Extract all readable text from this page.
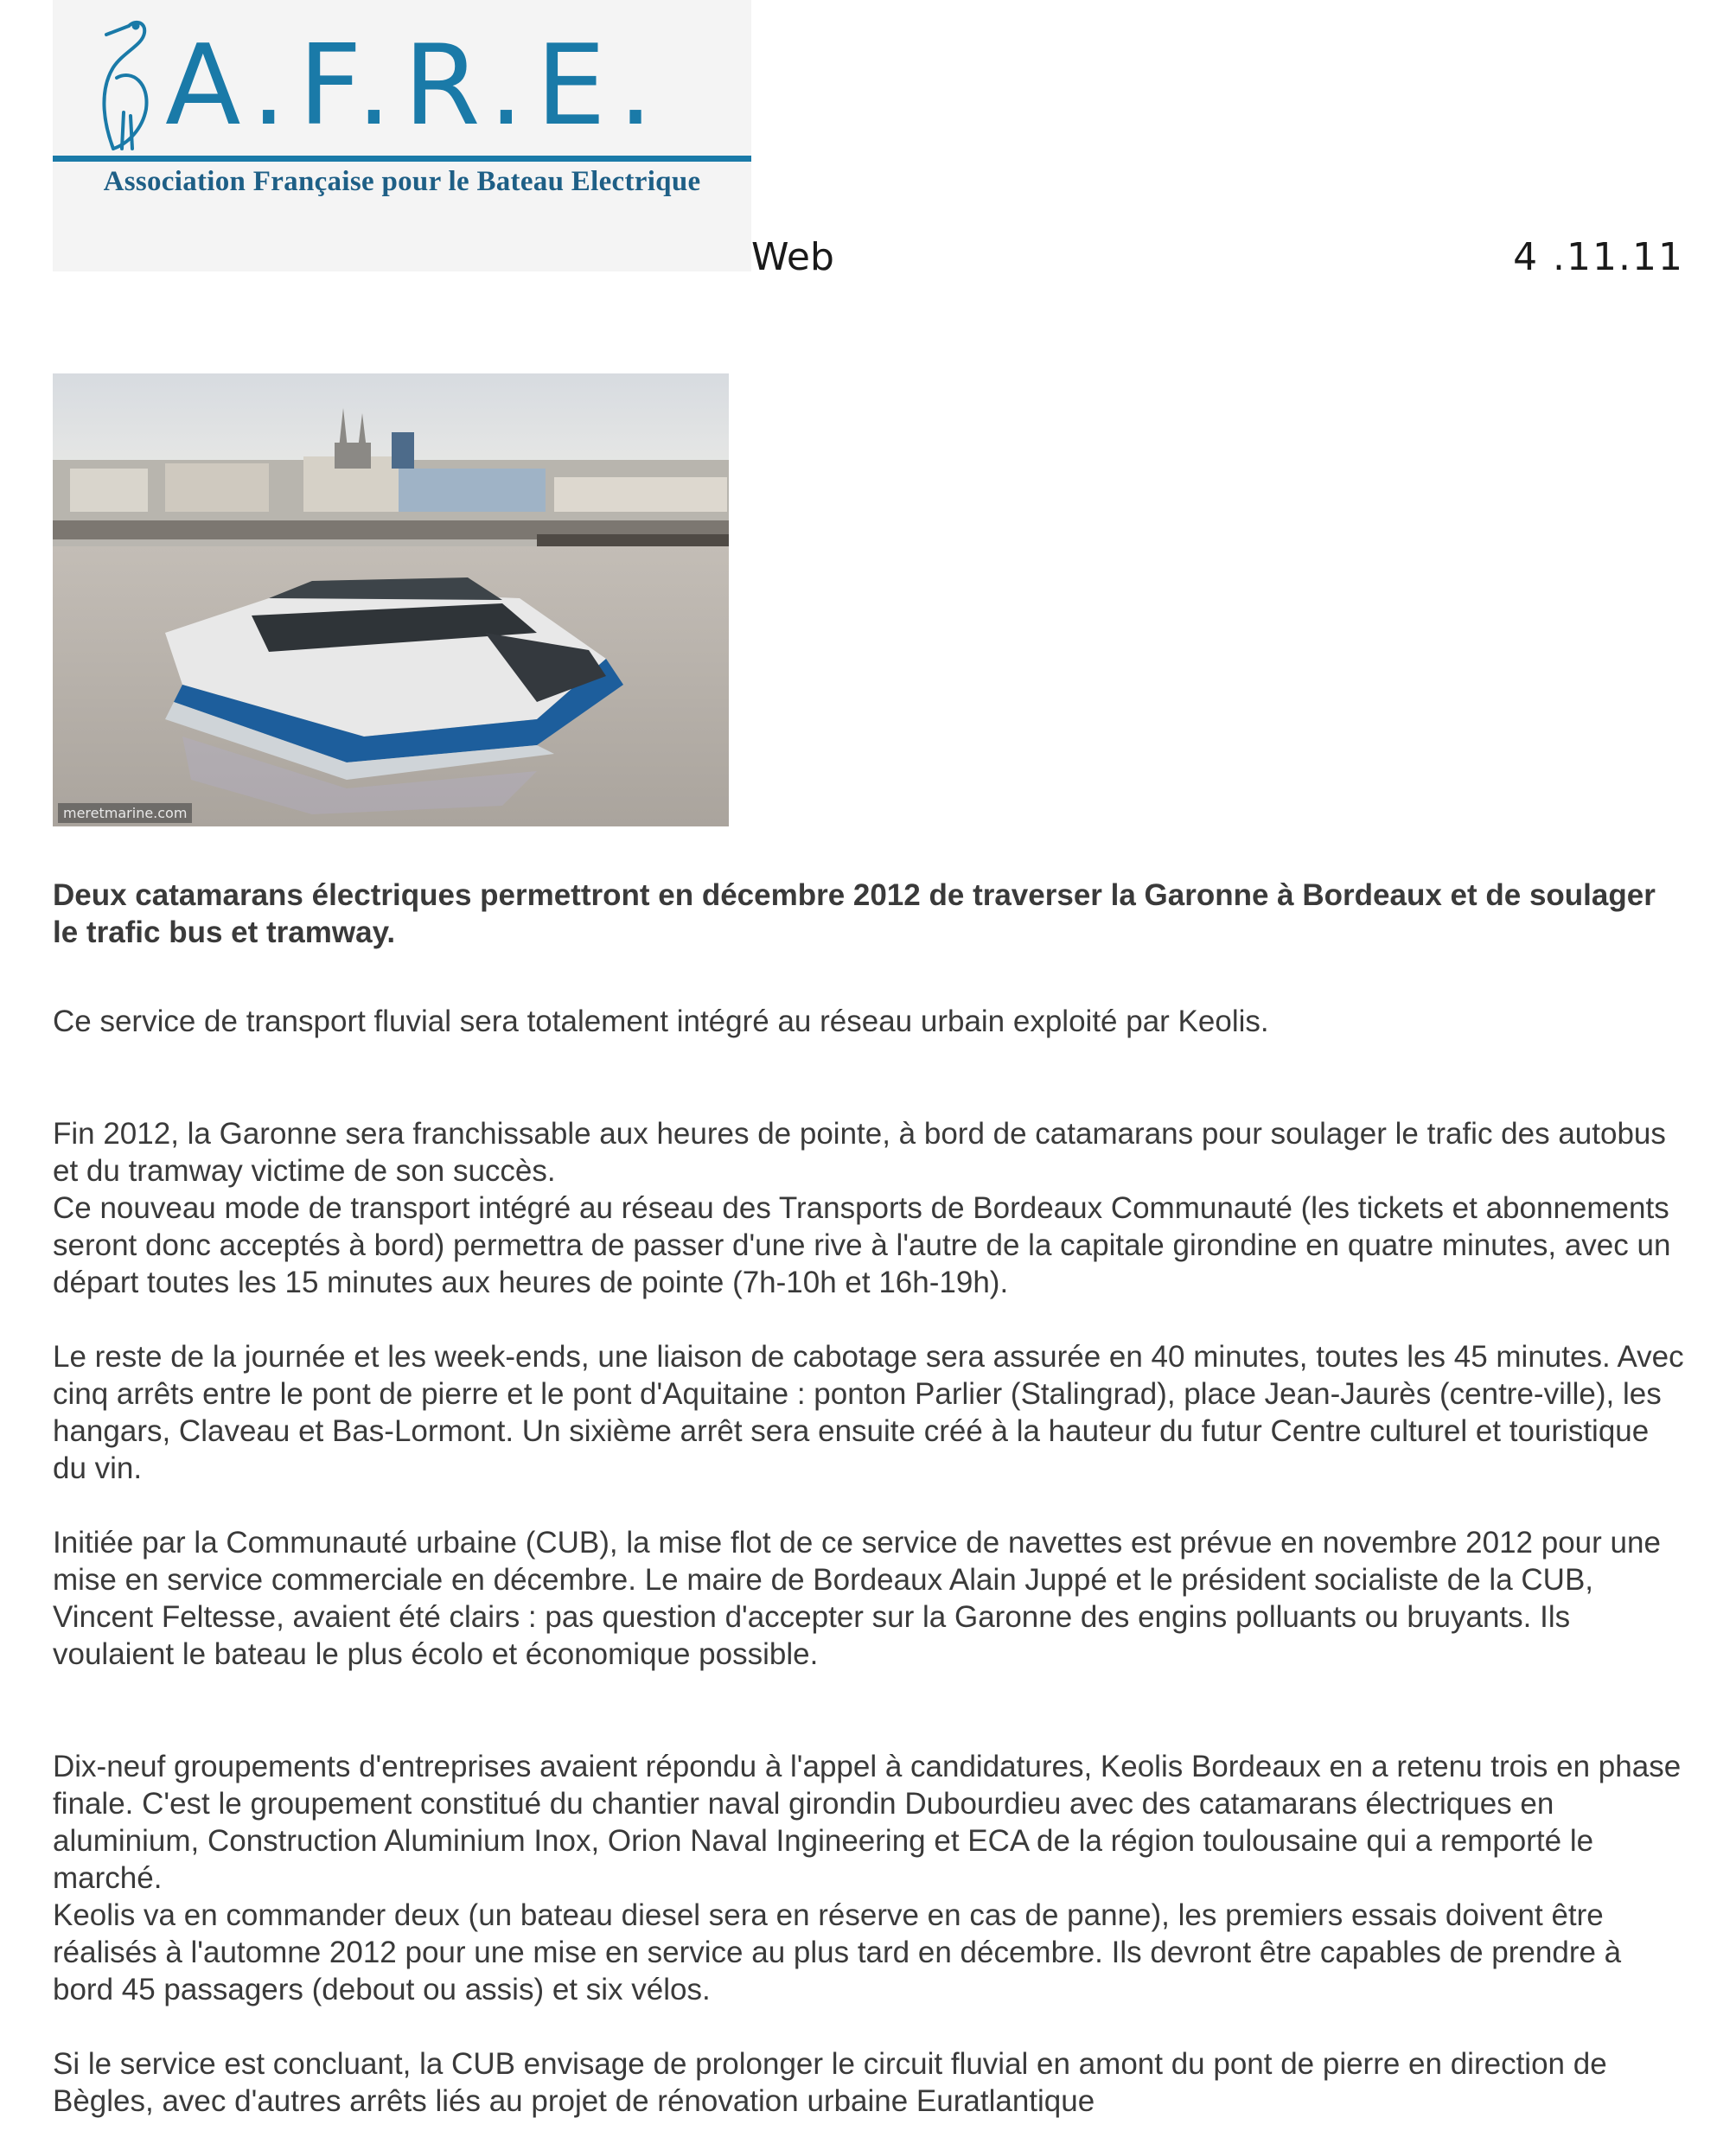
A.F.R.E.
Association Française pour le Bateau Electrique
Web	4 .11.11
meretmarine.com
Deux catamarans électriques permettront en décembre 2012 de traverser la Garonne à Bordeaux et de soulager le trafic bus et tramway.

Ce service de transport fluvial sera totalement intégré au réseau urbain exploité par Keolis.

Fin 2012, la Garonne sera franchissable aux heures de pointe, à bord de catamarans pour soulager le trafic des autobus et du tramway victime de son succès.
Ce nouveau mode de transport intégré au réseau des Transports de Bordeaux Communauté (les tickets et abonnements seront donc acceptés à bord) permettra de passer d'une rive à l'autre de la capitale girondine en quatre minutes, avec un départ toutes les 15 minutes aux heures de pointe (7h-10h et 16h-19h).

Le reste de la journée et les week-ends, une liaison de cabotage sera assurée en 40 minutes, toutes les 45 minutes. Avec cinq arrêts entre le pont de pierre et le pont d'Aquitaine : ponton Parlier (Stalingrad), place Jean-Jaurès (centre-ville), les hangars, Claveau et Bas-Lormont. Un sixième arrêt sera ensuite créé à la hauteur du futur Centre culturel et touristique du vin.

Initiée par la Communauté urbaine (CUB), la mise flot de ce service de navettes est prévue en novembre 2012 pour une mise en service commerciale en décembre. Le maire de Bordeaux Alain Juppé et le président socialiste de la CUB, Vincent Feltesse, avaient été clairs : pas question d'accepter sur la Garonne des engins polluants ou bruyants. Ils voulaient le bateau le plus écolo et économique possible.

Dix-neuf groupements d'entreprises avaient répondu à l'appel à candidatures, Keolis Bordeaux en a retenu trois en phase finale. C'est le groupement constitué du chantier naval girondin Dubourdieu avec des catamarans électriques en aluminium, Construction Aluminium Inox, Orion Naval Ingineering et ECA de la région toulousaine qui a remporté le marché.
Keolis va en commander deux (un bateau diesel sera en réserve en cas de panne), les premiers essais doivent être réalisés à l'automne 2012 pour une mise en service au plus tard en décembre. Ils devront être capables de prendre à bord 45 passagers (debout ou assis) et six vélos.

Si le service est concluant, la CUB envisage de prolonger le circuit fluvial en amont du pont de pierre en direction de Bègles, avec d'autres arrêts liés au projet de rénovation urbaine Euratlantique
